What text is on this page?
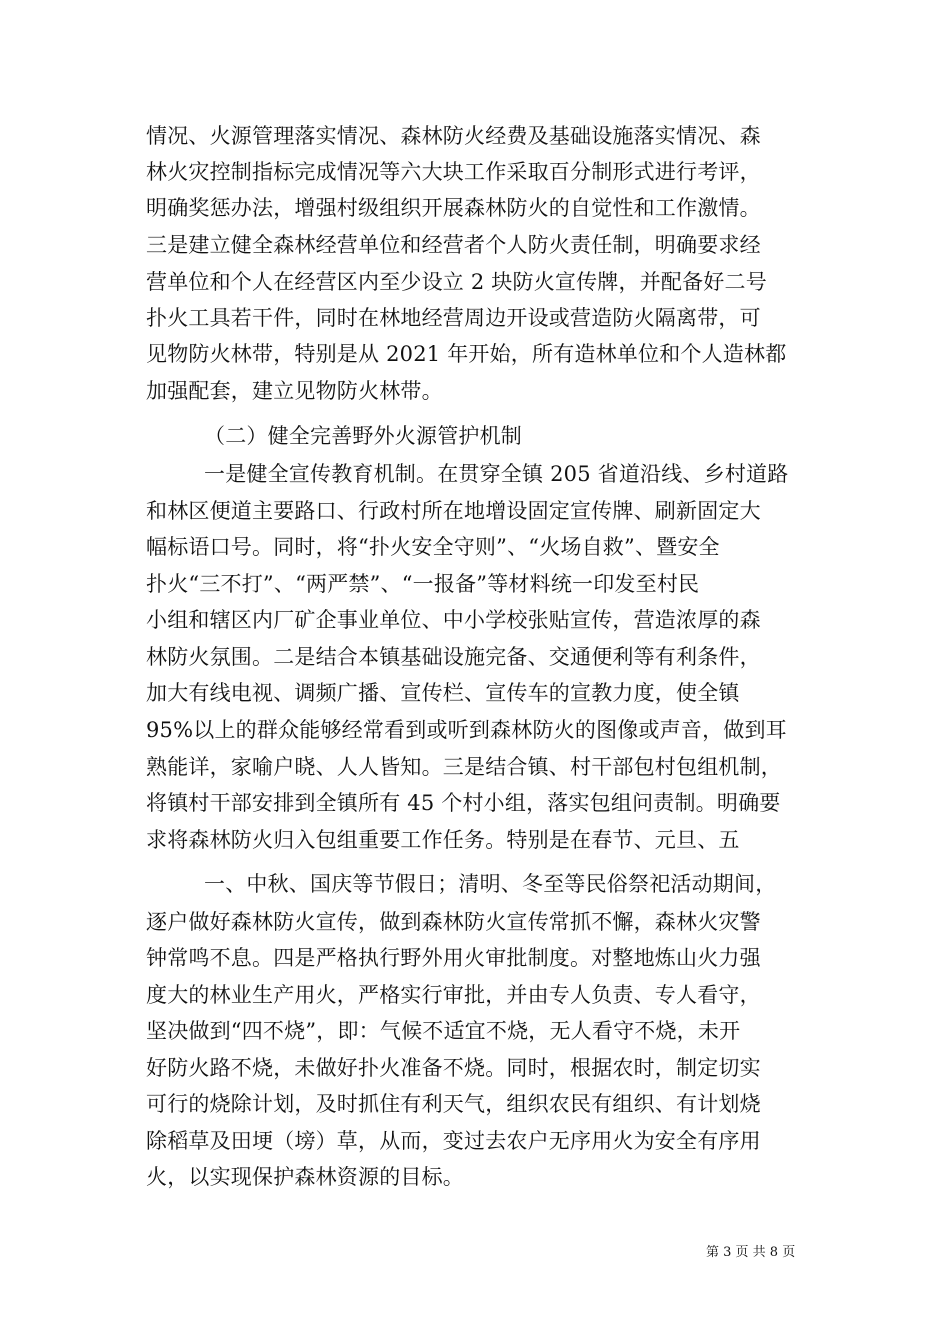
情况、火源管理落实情况、森林防火经费及基础设施落实情况、森
林火灾控制指标完成情况等六大块工作采取百分制形式进行考评，
明确奖惩办法，增强村级组织开展森林防火的自觉性和工作激情。
三是建立健全森林经营单位和经营者个人防火责任制，明确要求经
营单位和个人在经营区内至少设立 2 块防火宣传牌，并配备好二号
扑火工具若干件，同时在林地经营周边开设或营造防火隔离带，可
见物防火林带，特别是从 2021 年开始，所有造林单位和个人造林都
加强配套，建立见物防火林带。
（二）健全完善野外火源管护机制
一是健全宣传教育机制。在贯穿全镇 205 省道沿线、乡村道路
和林区便道主要路口、行政村所在地增设固定宣传牌、刷新固定大
幅标语口号。同时，将“扑火安全守则”、“火场自救”、暨安全
扑火“三不打”、“两严禁”、“一报备”等材料统一印发至村民
小组和辖区内厂矿企事业单位、中小学校张贴宣传，营造浓厚的森
林防火氛围。二是结合本镇基础设施完备、交通便利等有利条件，
加大有线电视、调频广播、宣传栏、宣传车的宣教力度，使全镇
95%以上的群众能够经常看到或听到森林防火的图像或声音，做到耳
熟能详，家喻户晓、人人皆知。三是结合镇、村干部包村包组机制，
将镇村干部安排到全镇所有 45 个村小组，落实包组问责制。明确要
求将森林防火归入包组重要工作任务。特别是在春节、元旦、五
一、中秋、国庆等节假日；清明、冬至等民俗祭祀活动期间，
逐户做好森林防火宣传，做到森林防火宣传常抓不懈，森林火灾警
钟常鸣不息。四是严格执行野外用火审批制度。对整地炼山火力强
度大的林业生产用火，严格实行审批，并由专人负责、专人看守，
坚决做到“四不烧”，即：气候不适宜不烧，无人看守不烧，未开
好防火路不烧，未做好扑火准备不烧。同时，根据农时，制定切实
可行的烧除计划，及时抓住有利天气，组织农民有组织、有计划烧
除稻草及田埂（塝）草，从而，变过去农户无序用火为安全有序用
火，以实现保护森林资源的目标。
第 3 页 共 8 页
